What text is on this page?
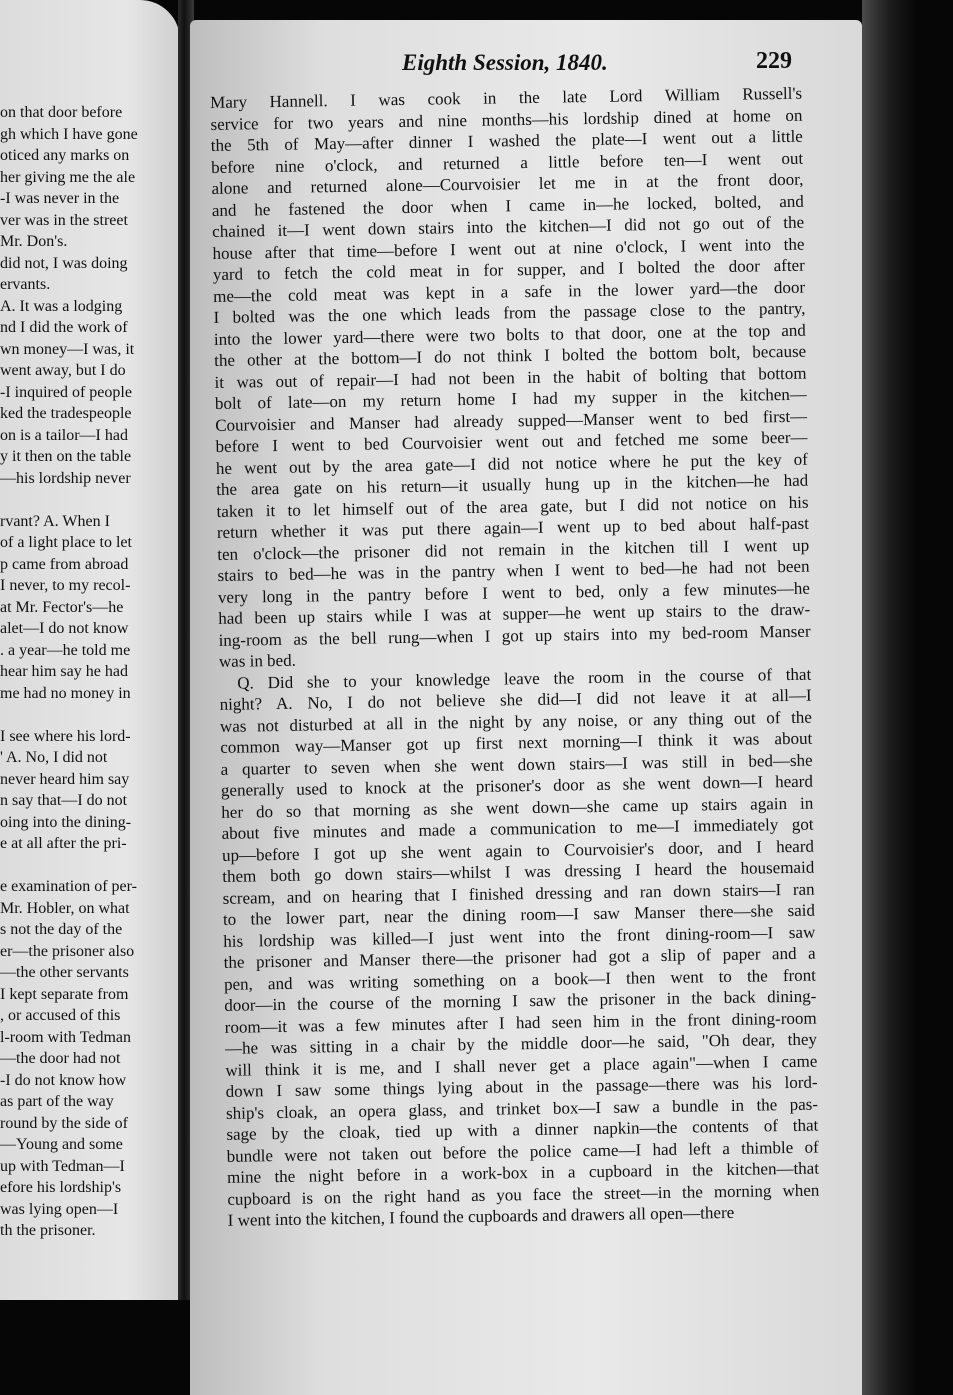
on that door before
gh which I have gone
oticed any marks on
her giving me the ale
-I was never in the
ver was in the street
Mr. Don's.
did not, I was doing
ervants.
A. It was a lodging
nd I did the work of
wn money—I was, it
went away, but I do
-I inquired of people
ked the tradespeople
on is a tailor—I had
y it then on the table
—his lordship never
rvant? A. When I
of a light place to let
p came from abroad
I never, to my recol-
at Mr. Fector's—he
alet—I do not know
. a year—he told me
hear him say he had
me had no money in
I see where his lord-
' A. No, I did not
never heard him say
n say that—I do not
oing into the dining-
e at all after the pri-
e examination of per-
Mr. Hobler, on what
s not the day of the
er—the prisoner also
—the other servants
I kept separate from
, or accused of this
l-room with Tedman
—the door had not
-I do not know how
as part of the way
round by the side of
—Young and some
up with Tedman—I
efore his lordship's
was lying open—I
th the prisoner.
Eighth Session, 1840.	229
Mary Hannell. I was cook in the late Lord William Russell's
service for two years and nine months—his lordship dined at home on
the 5th of May—after dinner I washed the plate—I went out a little
before nine o'clock, and returned a little before ten—I went out
alone and returned alone—Courvoisier let me in at the front door,
and he fastened the door when I came in—he locked, bolted, and
chained it—I went down stairs into the kitchen—I did not go out of the
house after that time—before I went out at nine o'clock, I went into the
yard to fetch the cold meat in for supper, and I bolted the door after
me—the cold meat was kept in a safe in the lower yard—the door
I bolted was the one which leads from the passage close to the pantry,
into the lower yard—there were two bolts to that door, one at the top and
the other at the bottom—I do not think I bolted the bottom bolt, because
it was out of repair—I had not been in the habit of bolting that bottom
bolt of late—on my return home I had my supper in the kitchen—
Courvoisier and Manser had already supped—Manser went to bed first—
before I went to bed Courvoisier went out and fetched me some beer—
he went out by the area gate—I did not notice where he put the key of
the area gate on his return—it usually hung up in the kitchen—he had
taken it to let himself out of the area gate, but I did not notice on his
return whether it was put there again—I went up to bed about half-past
ten o'clock—the prisoner did not remain in the kitchen till I went up
stairs to bed—he was in the pantry when I went to bed—he had not been
very long in the pantry before I went to bed, only a few minutes—he
had been up stairs while I was at supper—he went up stairs to the draw-
ing-room as the bell rung—when I got up stairs into my bed-room Manser
was in bed.
Q. Did she to your knowledge leave the room in the course of that
night? A. No, I do not believe she did—I did not leave it at all—I
was not disturbed at all in the night by any noise, or any thing out of the
common way—Manser got up first next morning—I think it was about
a quarter to seven when she went down stairs—I was still in bed—she
generally used to knock at the prisoner's door as she went down—I heard
her do so that morning as she went down—she came up stairs again in
about five minutes and made a communication to me—I immediately got
up—before I got up she went again to Courvoisier's door, and I heard
them both go down stairs—whilst I was dressing I heard the housemaid
scream, and on hearing that I finished dressing and ran down stairs—I ran
to the lower part, near the dining room—I saw Manser there—she said
his lordship was killed—I just went into the front dining-room—I saw
the prisoner and Manser there—the prisoner had got a slip of paper and a
pen, and was writing something on a book—I then went to the front
door—in the course of the morning I saw the prisoner in the back dining-
room—it was a few minutes after I had seen him in the front dining-room
—he was sitting in a chair by the middle door—he said, "Oh dear, they
will think it is me, and I shall never get a place again"—when I came
down I saw some things lying about in the passage—there was his lord-
ship's cloak, an opera glass, and trinket box—I saw a bundle in the pas-
sage by the cloak, tied up with a dinner napkin—the contents of that
bundle were not taken out before the police came—I had left a thimble of
mine the night before in a work-box in a cupboard in the kitchen—that
cupboard is on the right hand as you face the street—in the morning when
I went into the kitchen, I found the cupboards and drawers all open—there
